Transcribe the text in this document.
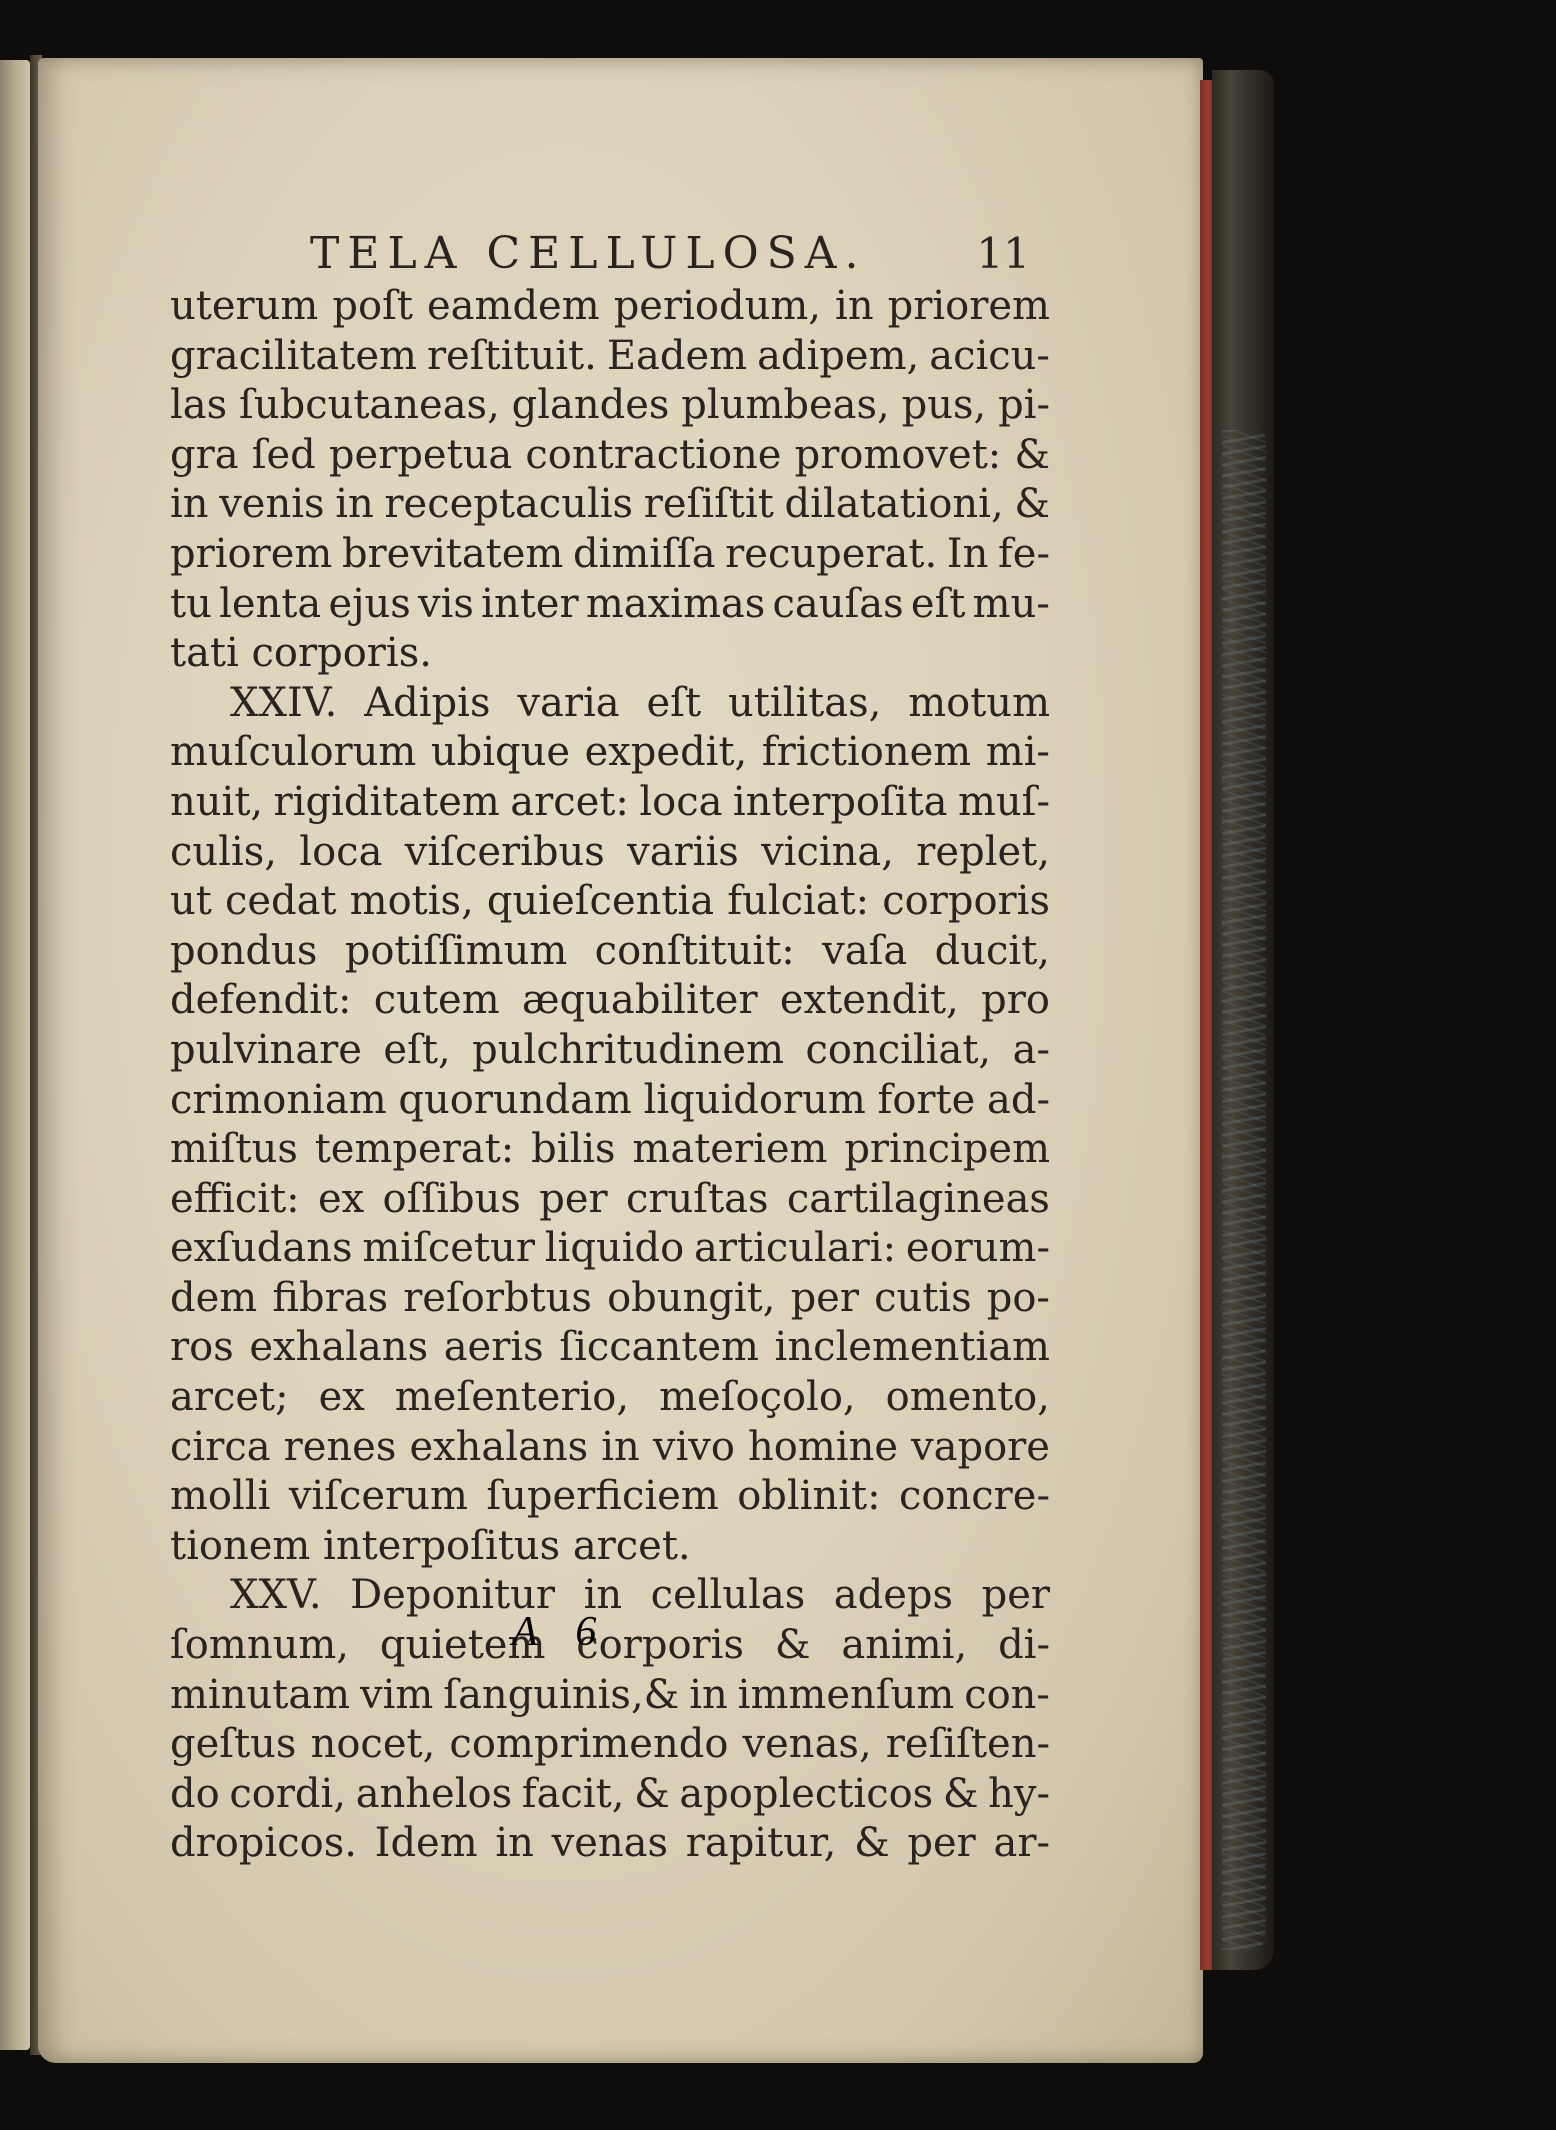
TELA CELLULOSA.	11
uterum poſt eamdem periodum, in priorem
gracilitatem reſtituit. Eadem adipem, acicu-
las ſubcutaneas, glandes plumbeas, pus, pi-
gra ſed perpetua contractione promovet: &
in venis in receptaculis reſiſtit dilatationi, &
priorem brevitatem dimiſſa recuperat. In fe-
tu lenta ejus vis inter maximas cauſas eſt mu-
tati corporis.
XXIV. Adipis varia eſt utilitas, motum
muſculorum ubique expedit, frictionem mi-
nuit, rigiditatem arcet: loca interpoſita muſ-
culis, loca viſceribus variis vicina, replet,
ut cedat motis, quieſcentia fulciat: corporis
pondus potiſſimum conſtituit: vaſa ducit,
defendit: cutem æquabiliter extendit, pro
pulvinare eſt, pulchritudinem conciliat, a-
crimoniam quorundam liquidorum forte ad-
miſtus temperat: bilis materiem principem
efficit: ex oſſibus per cruſtas cartilagineas
exſudans miſcetur liquido articulari: eorum-
dem fibras reſorbtus obungit, per cutis po-
ros exhalans aeris ſiccantem inclementiam
arcet; ex meſenterio, meſoçolo, omento,
circa renes exhalans in vivo homine vapore
molli viſcerum ſuperficiem oblinit: concre-
tionem interpoſitus arcet.
XXV. Deponitur in cellulas adeps per
ſomnum, quietem corporis & animi, di-
minutam vim ſanguinis,& in immenſum con-
geſtus nocet, comprimendo venas, reſiſten-
do cordi, anhelos facit, & apoplecticos & hy-
dropicos. Idem in venas rapitur, & per ar-
A 6
